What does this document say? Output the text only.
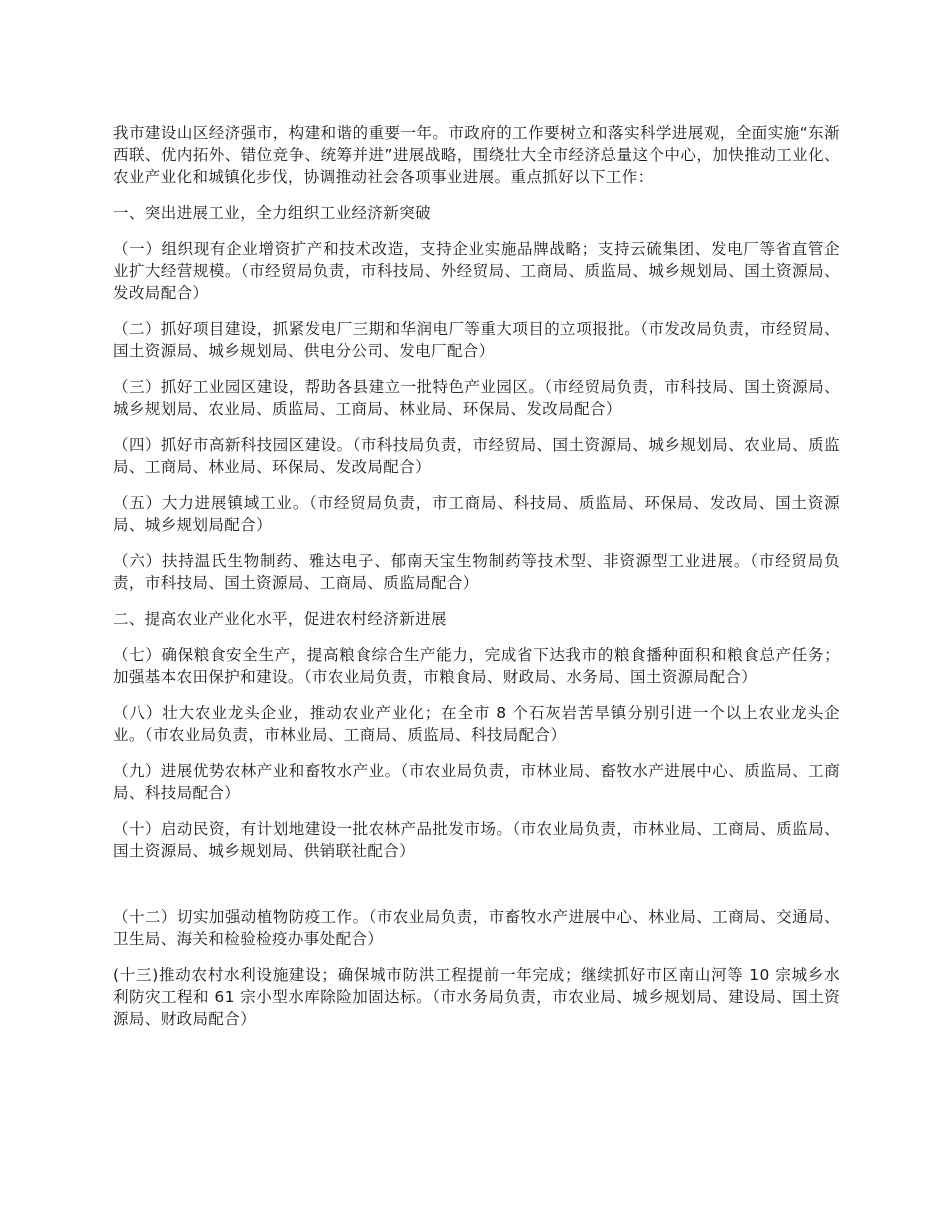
我市建设山区经济强市，构建和谐的重要一年。市政府的工作要树立和落实科学进展观，全面实施“东渐西联、优内拓外、错位竞争、统筹并进”进展战略，围绕壮大全市经济总量这个中心，加快推动工业化、农业产业化和城镇化步伐，协调推动社会各项事业进展。重点抓好以下工作：

一、突出进展工业，全力组织工业经济新突破

（一）组织现有企业增资扩产和技术改造，支持企业实施品牌战略；支持云硫集团、发电厂等省直管企业扩大经营规模。（市经贸局负责，市科技局、外经贸局、工商局、质监局、城乡规划局、国土资源局、发改局配合）

（二）抓好项目建设，抓紧发电厂三期和华润电厂等重大项目的立项报批。（市发改局负责，市经贸局、国土资源局、城乡规划局、供电分公司、发电厂配合）

（三）抓好工业园区建设，帮助各县建立一批特色产业园区。（市经贸局负责，市科技局、国土资源局、城乡规划局、农业局、质监局、工商局、林业局、环保局、发改局配合）

（四）抓好市高新科技园区建设。（市科技局负责，市经贸局、国土资源局、城乡规划局、农业局、质监局、工商局、林业局、环保局、发改局配合）

（五）大力进展镇域工业。（市经贸局负责，市工商局、科技局、质监局、环保局、发改局、国土资源局、城乡规划局配合）

（六）扶持温氏生物制药、雅达电子、郁南天宝生物制药等技术型、非资源型工业进展。（市经贸局负责，市科技局、国土资源局、工商局、质监局配合）

二、提高农业产业化水平，促进农村经济新进展

（七）确保粮食安全生产，提高粮食综合生产能力，完成省下达我市的粮食播种面积和粮食总产任务；加强基本农田保护和建设。（市农业局负责，市粮食局、财政局、水务局、国土资源局配合）

（八）壮大农业龙头企业，推动农业产业化；在全市 8 个石灰岩苦旱镇分别引进一个以上农业龙头企业。（市农业局负责，市林业局、工商局、质监局、科技局配合）

（九）进展优势农林产业和畜牧水产业。（市农业局负责，市林业局、畜牧水产进展中心、质监局、工商局、科技局配合）

（十）启动民资，有计划地建设一批农林产品批发市场。（市农业局负责，市林业局、工商局、质监局、国土资源局、城乡规划局、供销联社配合）

（十二）切实加强动植物防疫工作。（市农业局负责，市畜牧水产进展中心、林业局、工商局、交通局、卫生局、海关和检验检疫办事处配合）

(十三)推动农村水利设施建设；确保城市防洪工程提前一年完成；继续抓好市区南山河等 10 宗城乡水利防灾工程和 61 宗小型水库除险加固达标。（市水务局负责，市农业局、城乡规划局、建设局、国土资源局、财政局配合）
